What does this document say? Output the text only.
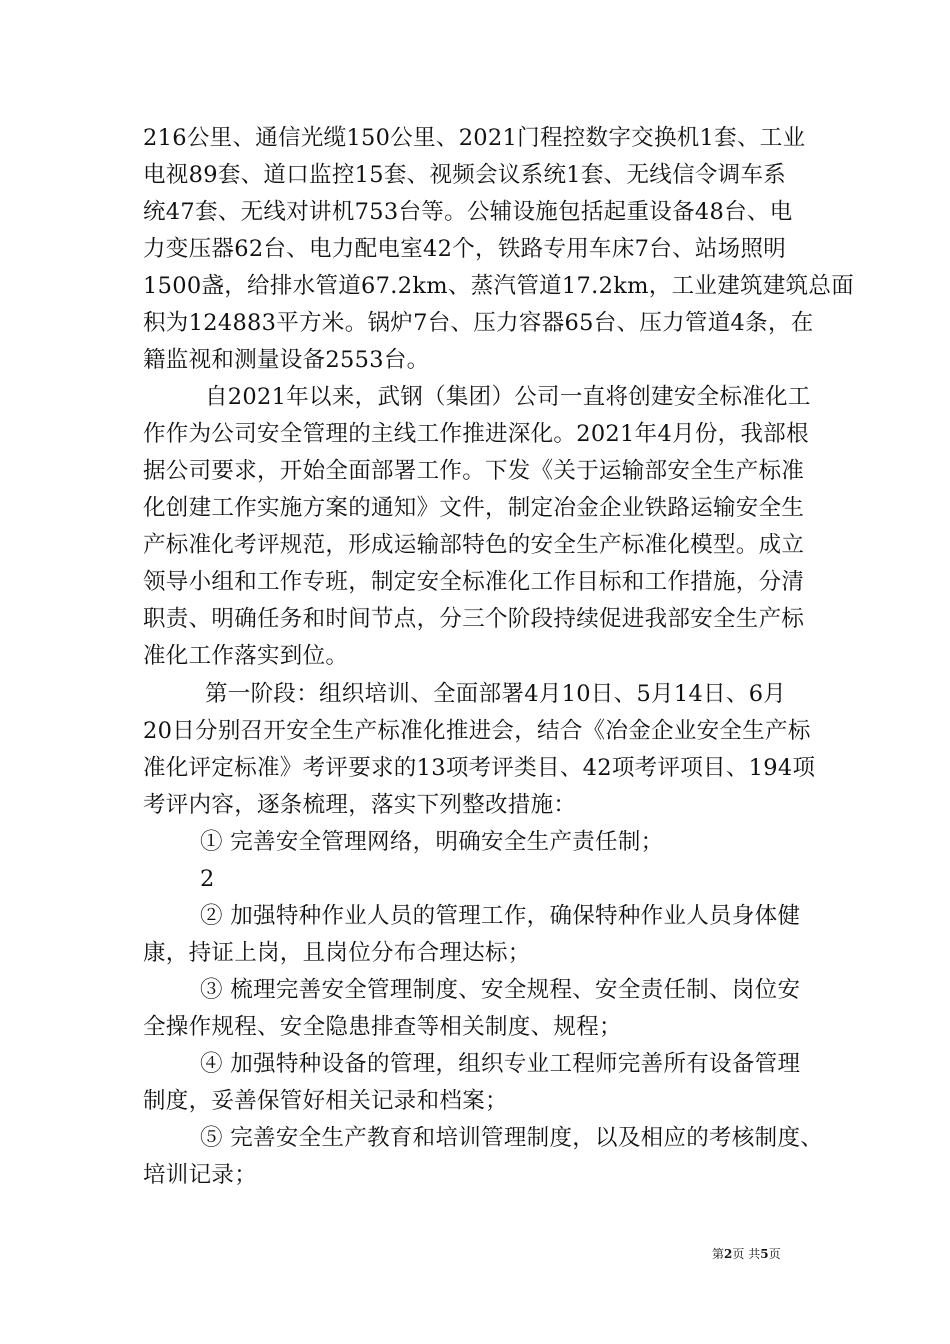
216公里、通信光缆150公里、2021门程控数字交换机1套、工业
电视89套、道口监控15套、视频会议系统1套、无线信令调车系
统47套、无线对讲机753台等。公辅设施包括起重设备48台、电
力变压器62台、电力配电室42个，铁路专用车床7台、站场照明
1500盏，给排水管道67.2km、蒸汽管道17.2km，工业建筑建筑总面
积为124883平方米。锅炉7台、压力容器65台、压力管道4条，在
籍监视和测量设备2553台。
自2021年以来，武钢（集团）公司一直将创建安全标准化工
作作为公司安全管理的主线工作推进深化。2021年4月份，我部根
据公司要求，开始全面部署工作。下发《关于运输部安全生产标准
化创建工作实施方案的通知》文件，制定冶金企业铁路运输安全生
产标准化考评规范，形成运输部特色的安全生产标准化模型。成立
领导小组和工作专班，制定安全标准化工作目标和工作措施，分清
职责、明确任务和时间节点，分三个阶段持续促进我部安全生产标
准化工作落实到位。
第一阶段：组织培训、全面部署4月10日、5月14日、6月
20日分别召开安全生产标准化推进会，结合《冶金企业安全生产标
准化评定标准》考评要求的13项考评类目、42项考评项目、194项
考评内容，逐条梳理，落实下列整改措施：
① 完善安全管理网络，明确安全生产责任制；
2
② 加强特种作业人员的管理工作，确保特种作业人员身体健
康，持证上岗，且岗位分布合理达标；
③ 梳理完善安全管理制度、安全规程、安全责任制、岗位安
全操作规程、安全隐患排查等相关制度、规程；
④ 加强特种设备的管理，组织专业工程师完善所有设备管理
制度，妥善保管好相关记录和档案；
⑤ 完善安全生产教育和培训管理制度，以及相应的考核制度、
培训记录；
第2页 共5页
